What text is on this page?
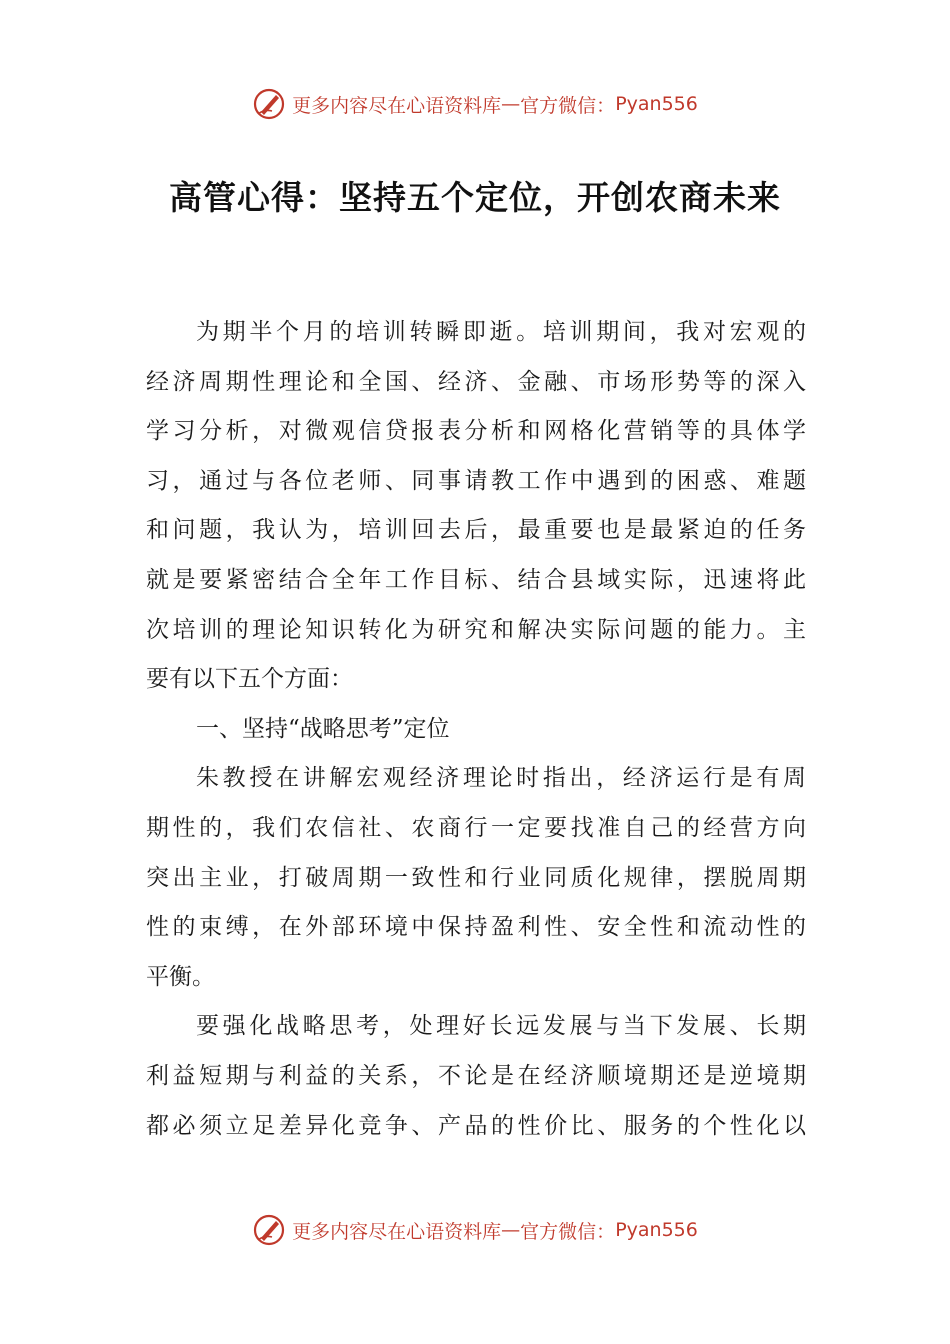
更多内容尽在心语资料库 — 官方微信： Pyan556
高管心得：坚持五个定位，开创农商未来
为期半个月的培训转瞬即逝。培训期间，我对宏观的
经济周期性理论和全国、经济、金融、市场形势等的深入
学习分析，对微观信贷报表分析和网格化营销等的具体学
习，通过与各位老师、同事请教工作中遇到的困惑、难题
和问题，我认为，培训回去后，最重要也是最紧迫的任务
就是要紧密结合全年工作目标、结合县域实际，迅速将此
次培训的理论知识转化为研究和解决实际问题的能力。主
要有以下五个方面：
一、坚持“战略思考”定位
朱教授在讲解宏观经济理论时指出，经济运行是有周
期性的，我们农信社、农商行一定要找准自己的经营方向
突出主业，打破周期一致性和行业同质化规律，摆脱周期
性的束缚，在外部环境中保持盈利性、安全性和流动性的
平衡。
要强化战略思考，处理好长远发展与当下发展、长期
利益短期与利益的关系，不论是在经济顺境期还是逆境期
都必须立足差异化竞争、产品的性价比、服务的个性化以
更多内容尽在心语资料库 — 官方微信： Pyan556
